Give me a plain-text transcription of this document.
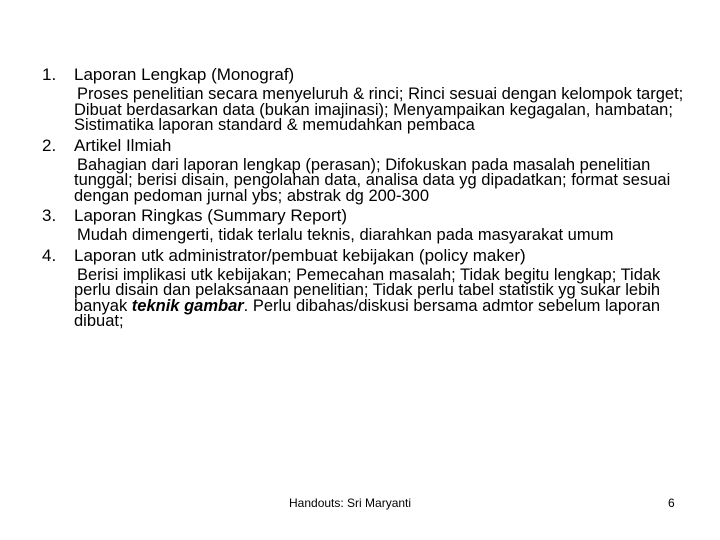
1. Laporan Lengkap (Monograf)
Proses penelitian secara menyeluruh & rinci; Rinci sesuai dengan kelompok target; Dibuat berdasarkan data (bukan imajinasi); Menyampaikan kegagalan, hambatan; Sistimatika laporan standard & memudahkan pembaca
2. Artikel Ilmiah
Bahagian dari laporan lengkap (perasan); Difokuskan pada masalah penelitian tunggal; berisi disain, pengolahan data, analisa data yg dipadatkan; format sesuai dengan pedoman jurnal ybs; abstrak dg 200-300
3. Laporan Ringkas (Summary Report)
Mudah dimengerti, tidak terlalu teknis, diarahkan pada masyarakat umum
4. Laporan utk administrator/pembuat kebijakan (policy maker)
Berisi implikasi utk kebijakan; Pemecahan masalah; Tidak begitu lengkap; Tidak perlu disain dan pelaksanaan penelitian; Tidak perlu tabel statistik yg sukar lebih banyak teknik gambar. Perlu dibahas/diskusi bersama admtor sebelum laporan dibuat;
Handouts: Sri Maryanti	6
